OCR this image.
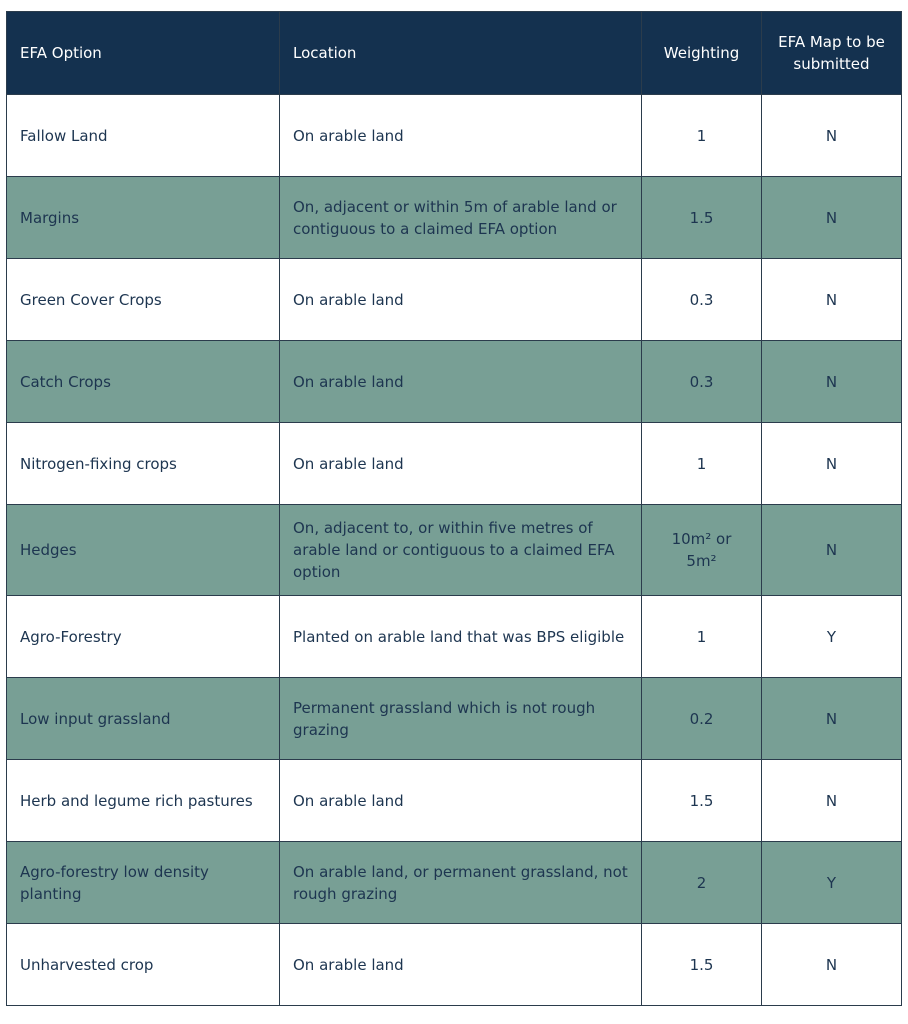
EFA Option	Location	Weighting	EFA Map to be submitted
Fallow Land	On arable land	1	N
Margins	On, adjacent or within 5m of arable land or contiguous to a claimed EFA option	1.5	N
Green Cover Crops	On arable land	0.3	N
Catch Crops	On arable land	0.3	N
Nitrogen-fixing crops	On arable land	1	N
Hedges	On, adjacent to, or within five metres of arable land or contiguous to a claimed EFA option	10m² or 5m²	N
Agro-Forestry	Planted on arable land that was BPS eligible	1	Y
Low input grassland	Permanent grassland which is not rough grazing	0.2	N
Herb and legume rich pastures	On arable land	1.5	N
Agro-forestry low density planting	On arable land, or permanent grassland, not rough grazing	2	Y
Unharvested crop	On arable land	1.5	N
